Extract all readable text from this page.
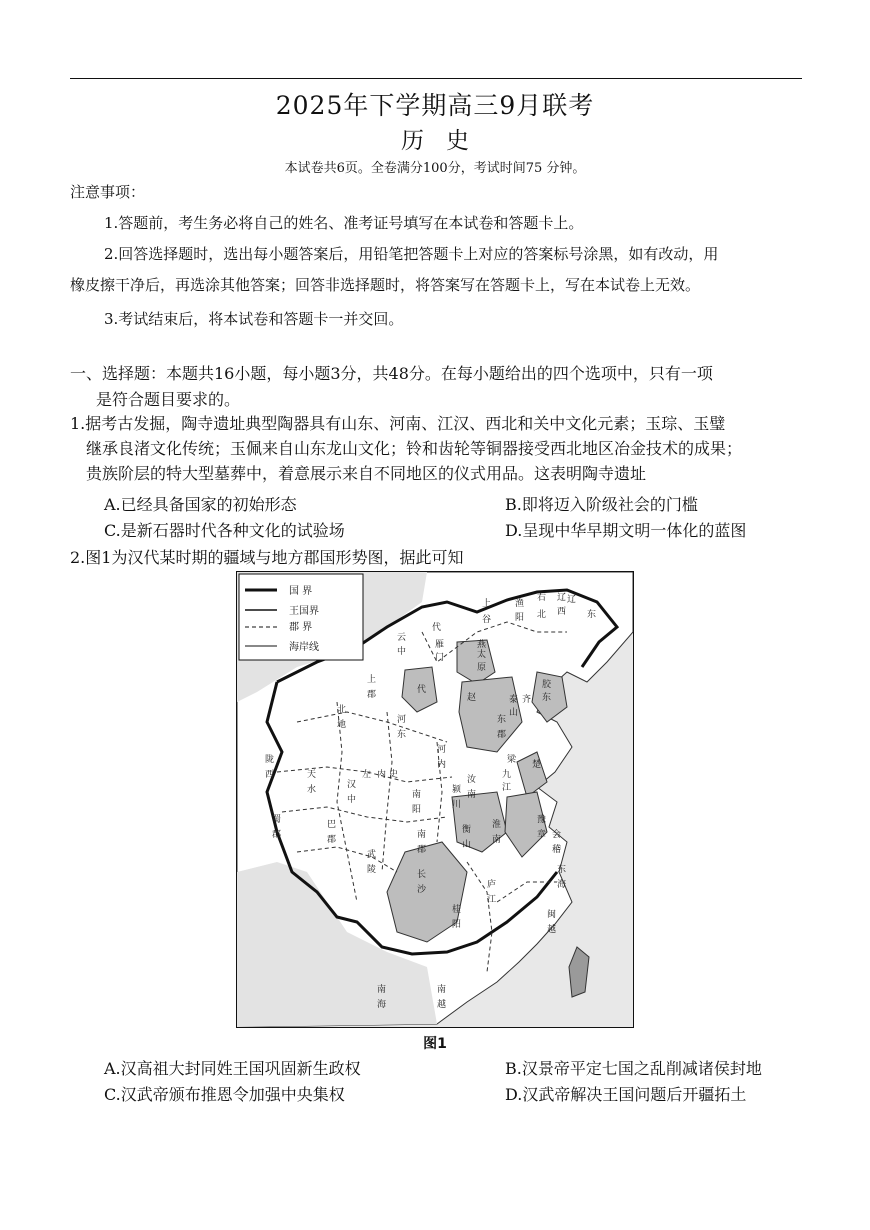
2025年下学期高三9月联考
历史
本试卷共6页。全卷满分100分，考试时间75 分钟。
注意事项：
1.答题前，考生务必将自己的姓名、准考证号填写在本试卷和答题卡上。
2.回答选择题时，选出每小题答案后，用铅笔把答题卡上对应的答案标号涂黑，如有改动，用
橡皮擦干净后，再选涂其他答案；回答非选择题时，将答案写在答题卡上，写在本试卷上无效。
3.考试结束后，将本试卷和答题卡一并交回。
一、选择题：本题共16小题，每小题3分，共48分。在每小题给出的四个选项中，只有一项
是符合题目要求的。
1.据考古发掘，陶寺遗址典型陶器具有山东、河南、江汉、西北和关中文化元素；玉琮、玉璧
继承良渚文化传统；玉佩来自山东龙山文化；铃和齿轮等铜器接受西北地区冶金技术的成果；
贵族阶层的特大型墓葬中，着意展示来自不同地区的仪式用品。这表明陶寺遗址
A.已经具备国家的初始形态	B.即将迈入阶级社会的门槛
C.是新石器时代各种文化的试验场	D.呈现中华早期文明一体化的蓝图
2.图1为汉代某时期的疆域与地方郡国形势图，据此可知
国 界
王国界
郡 界
海岸线
辽
东
右
北
辽
西
渔
阳
上
谷
代
云
中
雁
门
代
太
原
上
郡
北
地	河
东
陇
西	天
水	汉
中
巴
郡
蜀
郡	南
郡
武
陵	长
沙
桂
阳
豫
章
南
越
闽
越
东
海
会
稽
庐
江
衡
山
淮
南
颍
川
南
阳
汝
南
东
郡
赵
燕
齐
胶
东
梁 楚
河
内
南
海
左 内 史
泰
山
九
江
图1
A.汉高祖大封同姓王国巩固新生政权	B.汉景帝平定七国之乱削减诸侯封地
C.汉武帝颁布推恩令加强中央集权	D.汉武帝解决王国问题后开疆拓土
